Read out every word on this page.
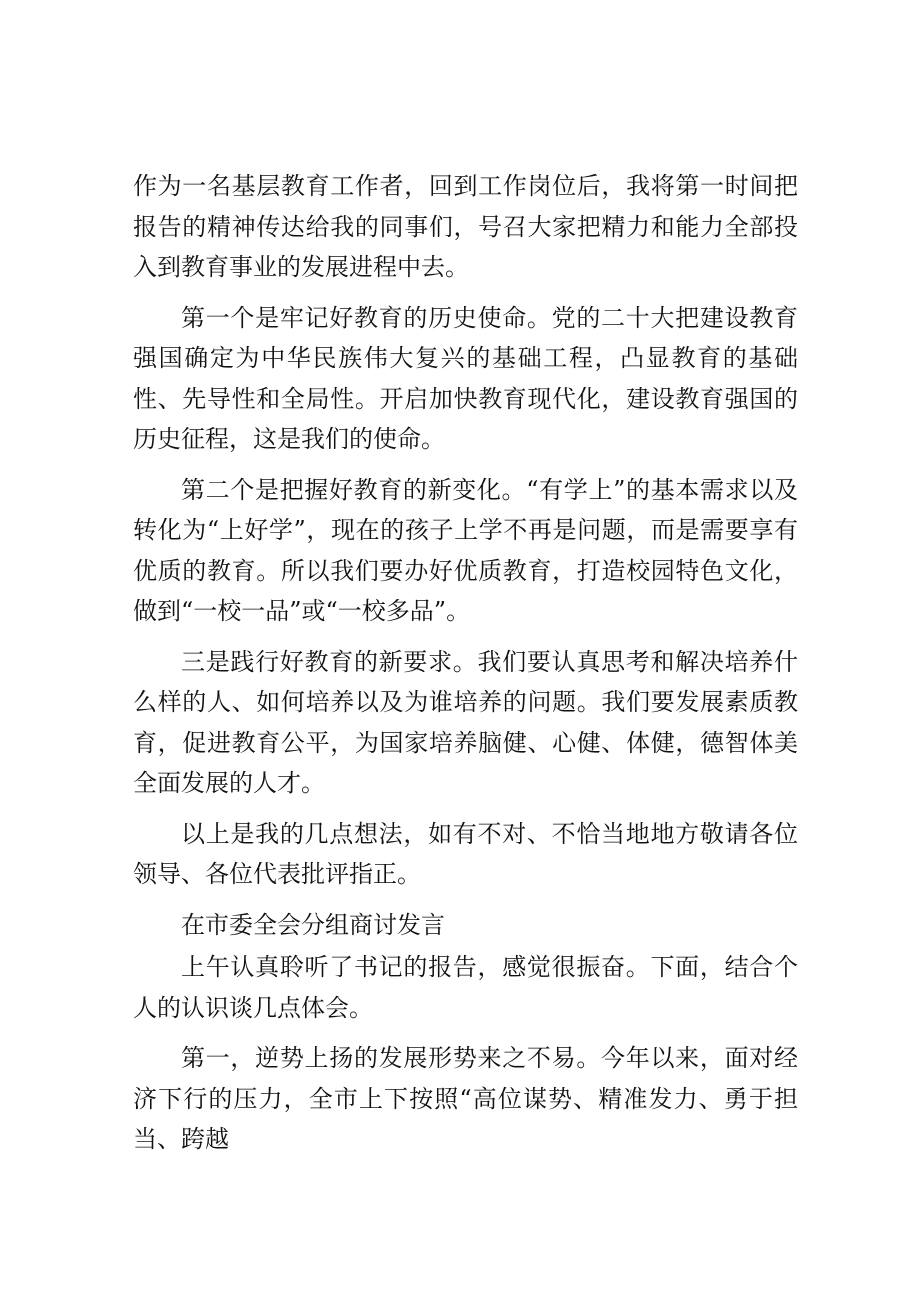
作为一名基层教育工作者，回到工作岗位后，我将第一时间把报告的精神传达给我的同事们，号召大家把精力和能力全部投入到教育事业的发展进程中去。

第一个是牢记好教育的历史使命。党的二十大把建设教育强国确定为中华民族伟大复兴的基础工程，凸显教育的基础性、先导性和全局性。开启加快教育现代化，建设教育强国的历史征程，这是我们的使命。

第二个是把握好教育的新变化。“有学上”的基本需求以及转化为“上好学”，现在的孩子上学不再是问题，而是需要享有优质的教育。所以我们要办好优质教育，打造校园特色文化，做到“一校一品”或“一校多品”。

三是践行好教育的新要求。我们要认真思考和解决培养什么样的人、如何培养以及为谁培养的问题。我们要发展素质教育，促进教育公平，为国家培养脑健、心健、体健，德智体美全面发展的人才。

以上是我的几点想法，如有不对、不恰当地地方敬请各位领导、各位代表批评指正。

在市委全会分组商讨发言

上午认真聆听了书记的报告，感觉很振奋。下面，结合个人的认识谈几点体会。

第一，逆势上扬的发展形势来之不易。今年以来，面对经济下行的压力，全市上下按照“高位谋势、精准发力、勇于担当、跨越
